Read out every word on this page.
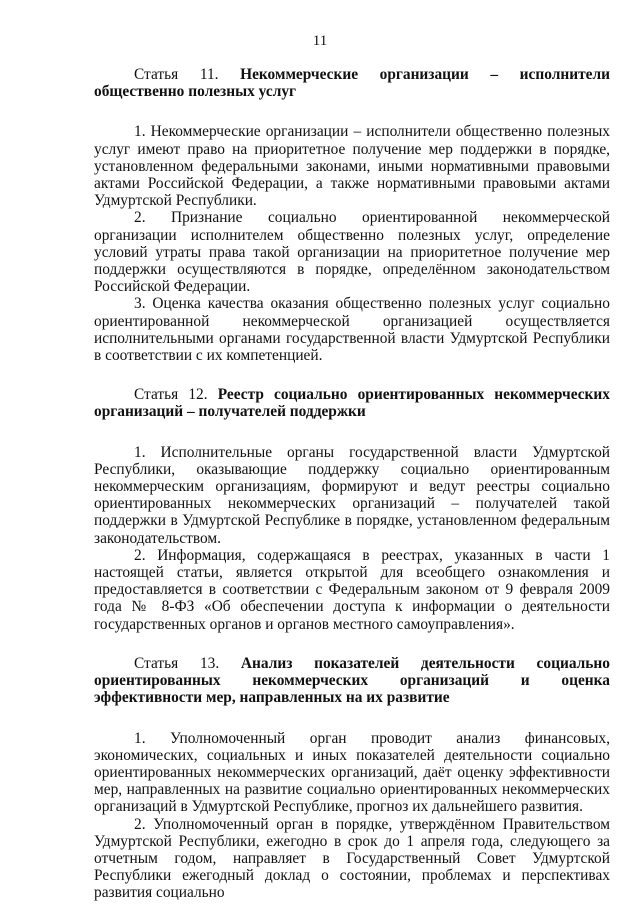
11

Статья 11. Некоммерческие организации – исполнители общественно полезных услуг

1. Некоммерческие организации – исполнители общественно полезных услуг имеют право на приоритетное получение мер поддержки в порядке, установленном федеральными законами, иными нормативными правовыми актами Российской Федерации, а также нормативными правовыми актами Удмуртской Республики.

2. Признание социально ориентированной некоммерческой организации исполнителем общественно полезных услуг, определение условий утраты права такой организации на приоритетное получение мер поддержки осуществляются в порядке, определённом законодательством Российской Федерации.

3. Оценка качества оказания общественно полезных услуг социально ориентированной некоммерческой организацией осуществляется исполнительными органами государственной власти Удмуртской Республики в соответствии с их компетенцией.

Статья 12. Реестр социально ориентированных некоммерческих организаций – получателей поддержки

1. Исполнительные органы государственной власти Удмуртской Республики, оказывающие поддержку социально ориентированным некоммерческим организациям, формируют и ведут реестры социально ориентированных некоммерческих организаций – получателей такой поддержки в Удмуртской Республике в порядке, установленном федеральным законодательством.

2. Информация, содержащаяся в реестрах, указанных в части 1 настоящей статьи, является открытой для всеобщего ознакомления и предоставляется в соответствии с Федеральным законом от 9 февраля 2009 года № 8-ФЗ «Об обеспечении доступа к информации о деятельности государственных органов и органов местного самоуправления».

Статья 13. Анализ показателей деятельности социально ориентированных некоммерческих организаций и оценка эффективности мер, направленных на их развитие

1. Уполномоченный орган проводит анализ финансовых, экономических, социальных и иных показателей деятельности социально ориентированных некоммерческих организаций, даёт оценку эффективности мер, направленных на развитие социально ориентированных некоммерческих организаций в Удмуртской Республике, прогноз их дальнейшего развития.

2. Уполномоченный орган в порядке, утверждённом Правительством Удмуртской Республики, ежегодно в срок до 1 апреля года, следующего за отчетным годом, направляет в Государственный Совет Удмуртской Республики ежегодный доклад о состоянии, проблемах и перспективах развития социально
